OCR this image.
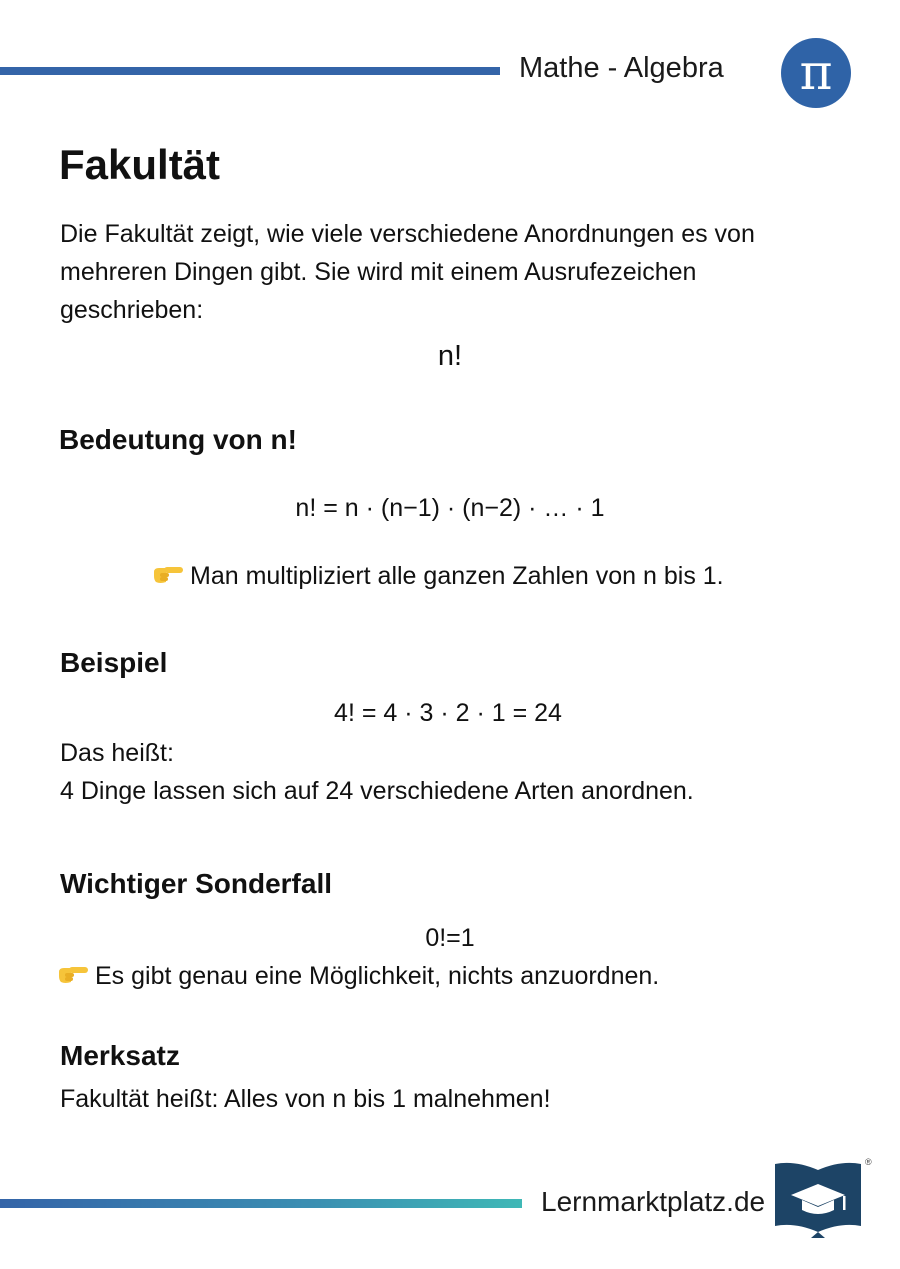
Mathe - Algebra	π
Fakultät
Die Fakultät zeigt, wie viele verschiedene Anordnungen es von mehreren Dingen gibt. Sie wird mit einem Ausrufezeichen geschrieben:
n!
Bedeutung von n!
n! = n · (n−1) · (n−2) · … · 1
Man multipliziert alle ganzen Zahlen von n bis 1.
Beispiel
4! = 4 · 3 · 2 · 1 = 24
Das heißt:
4 Dinge lassen sich auf 24 verschiedene Arten anordnen.
Wichtiger Sonderfall
0!=1
Es gibt genau eine Möglichkeit, nichts anzuordnen.
Merksatz
Fakultät heißt: Alles von n bis 1 malnehmen!
Lernmarktplatz.de
®
